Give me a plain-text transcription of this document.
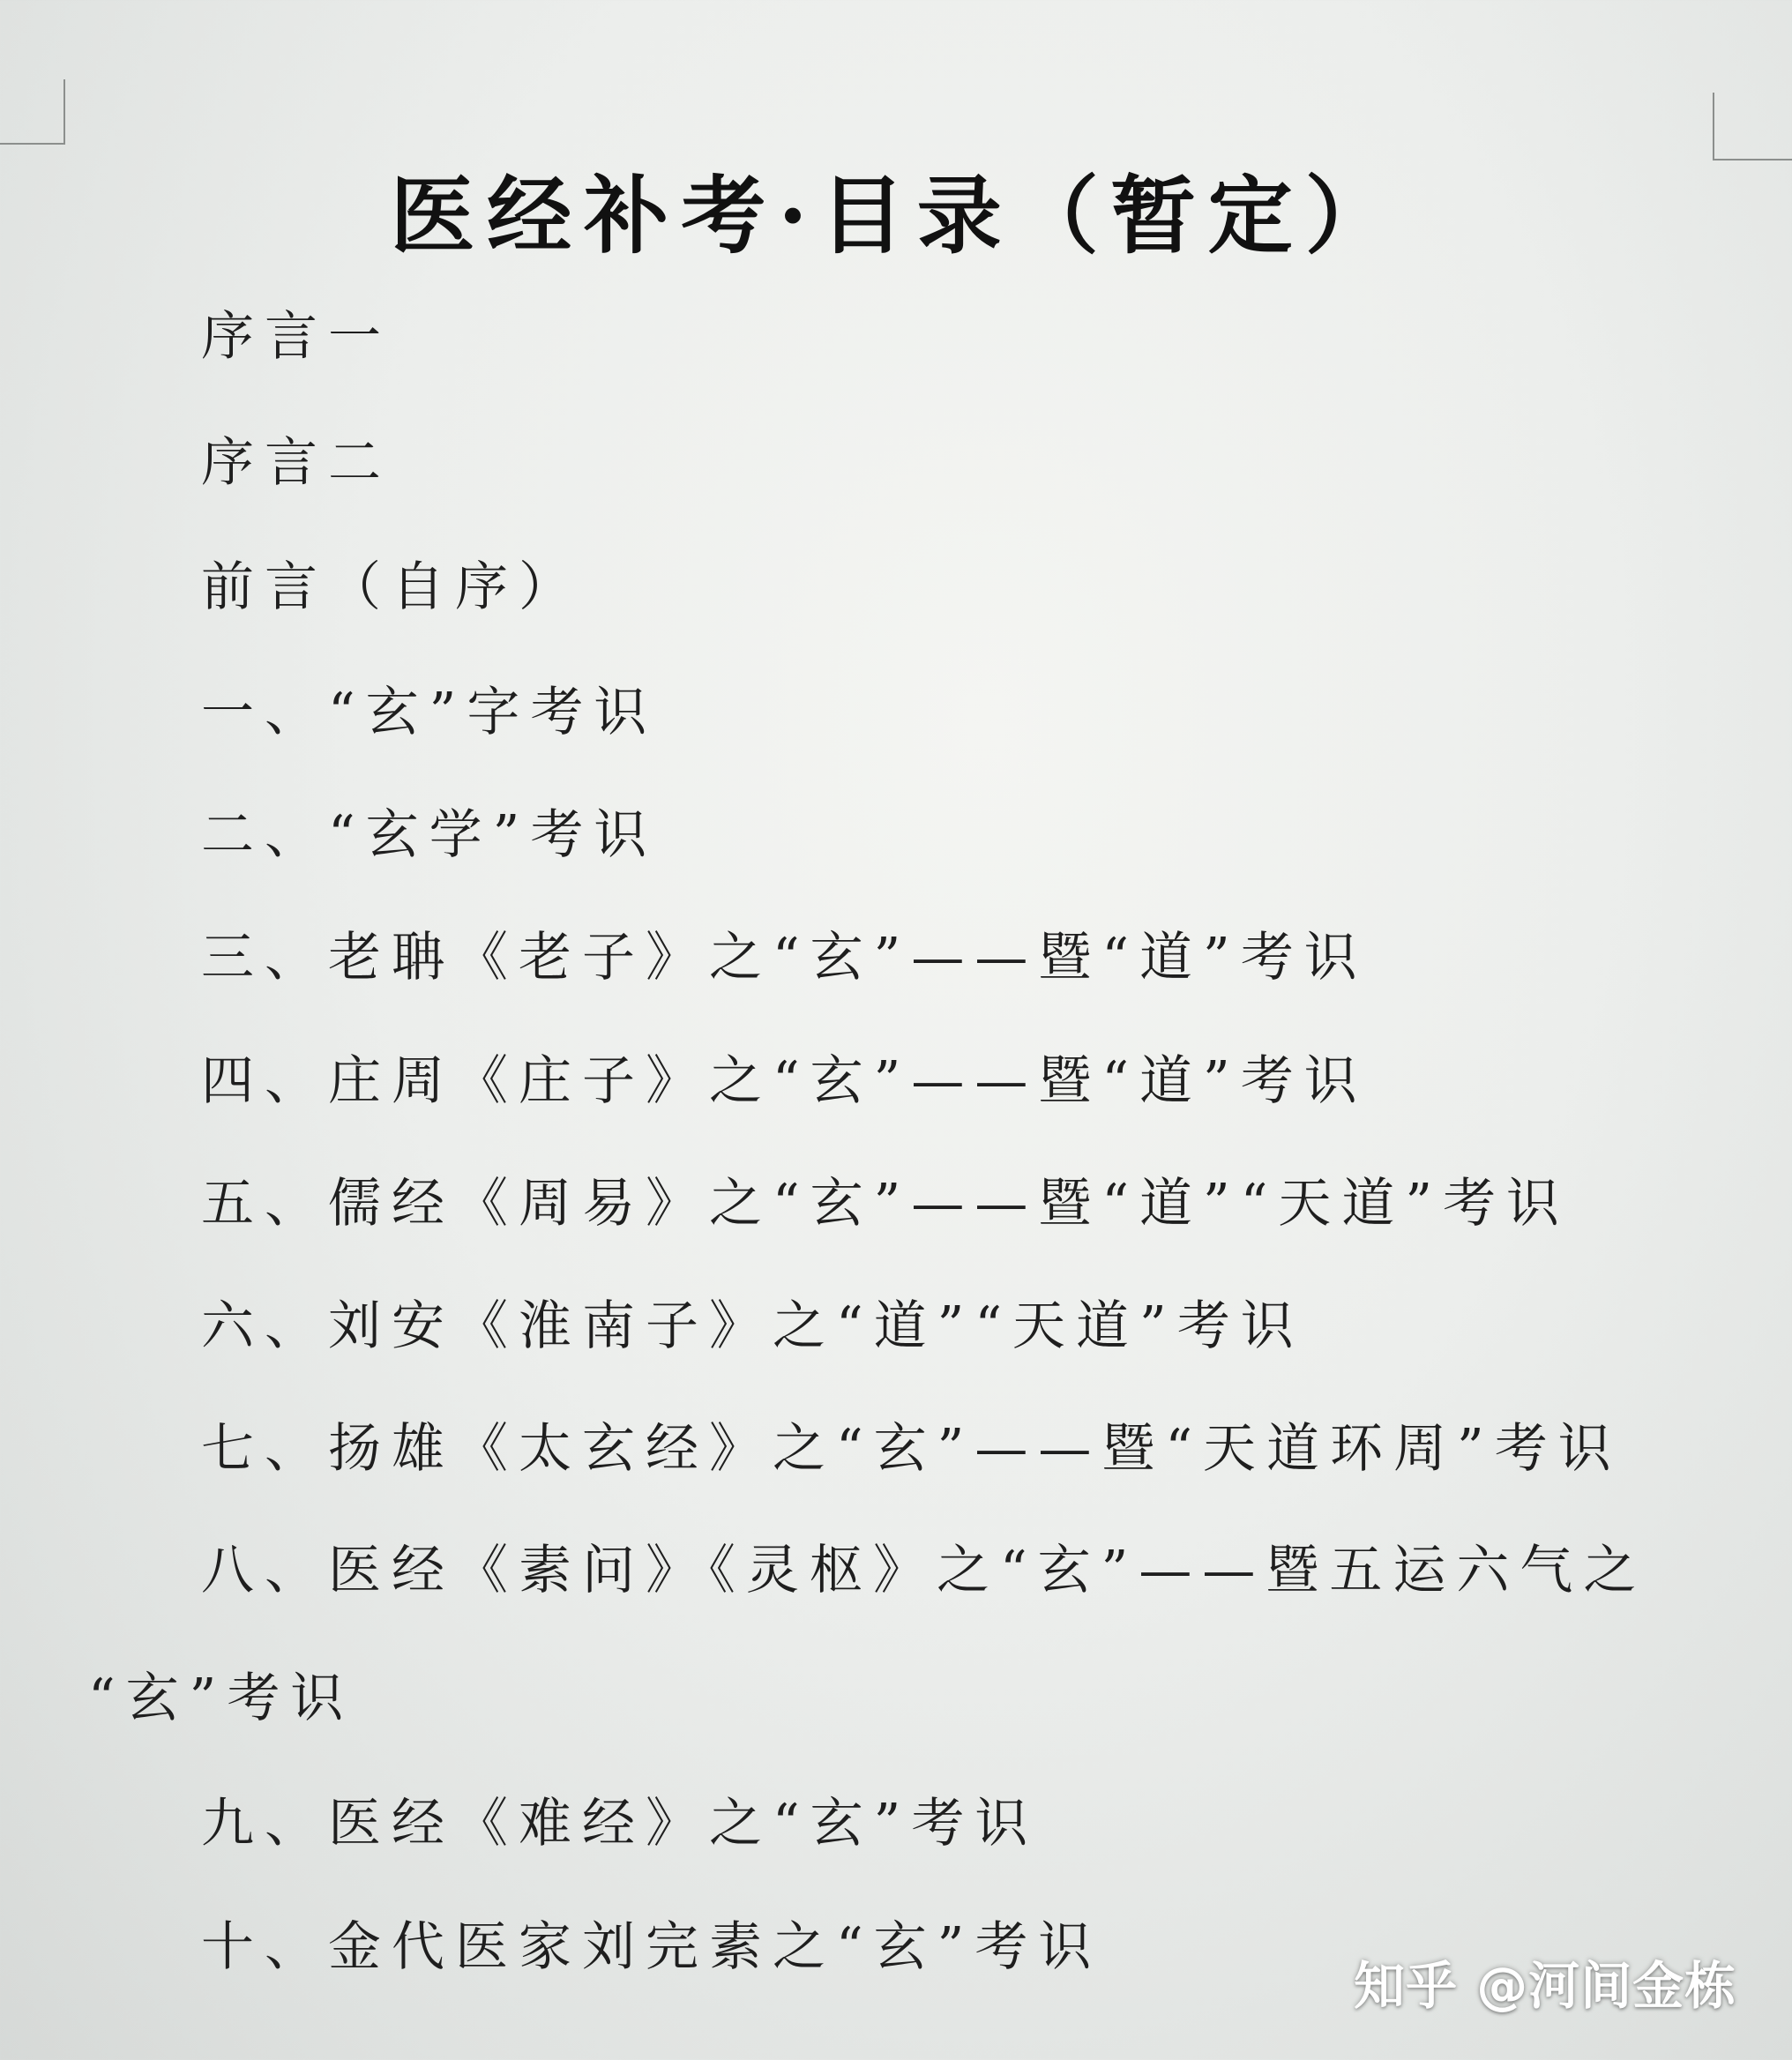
医经补考·目录（暂定）
序言一
序言二
前言（自序）
一、“玄”字考识
二、“玄学”考识
三、老聃《老子》之“玄”——暨“道”考识
四、庄周《庄子》之“玄”——暨“道”考识
五、儒经《周易》之“玄”——暨“道”“天道”考识
六、刘安《淮南子》之“道”“天道”考识
七、扬雄《太玄经》之“玄”——暨“天道环周”考识
八、医经《素问》《灵枢》之“玄”——暨五运六气之
“玄”考识
九、医经《难经》之“玄”考识
十、金代医家刘完素之“玄”考识
知乎 @河间金栋
